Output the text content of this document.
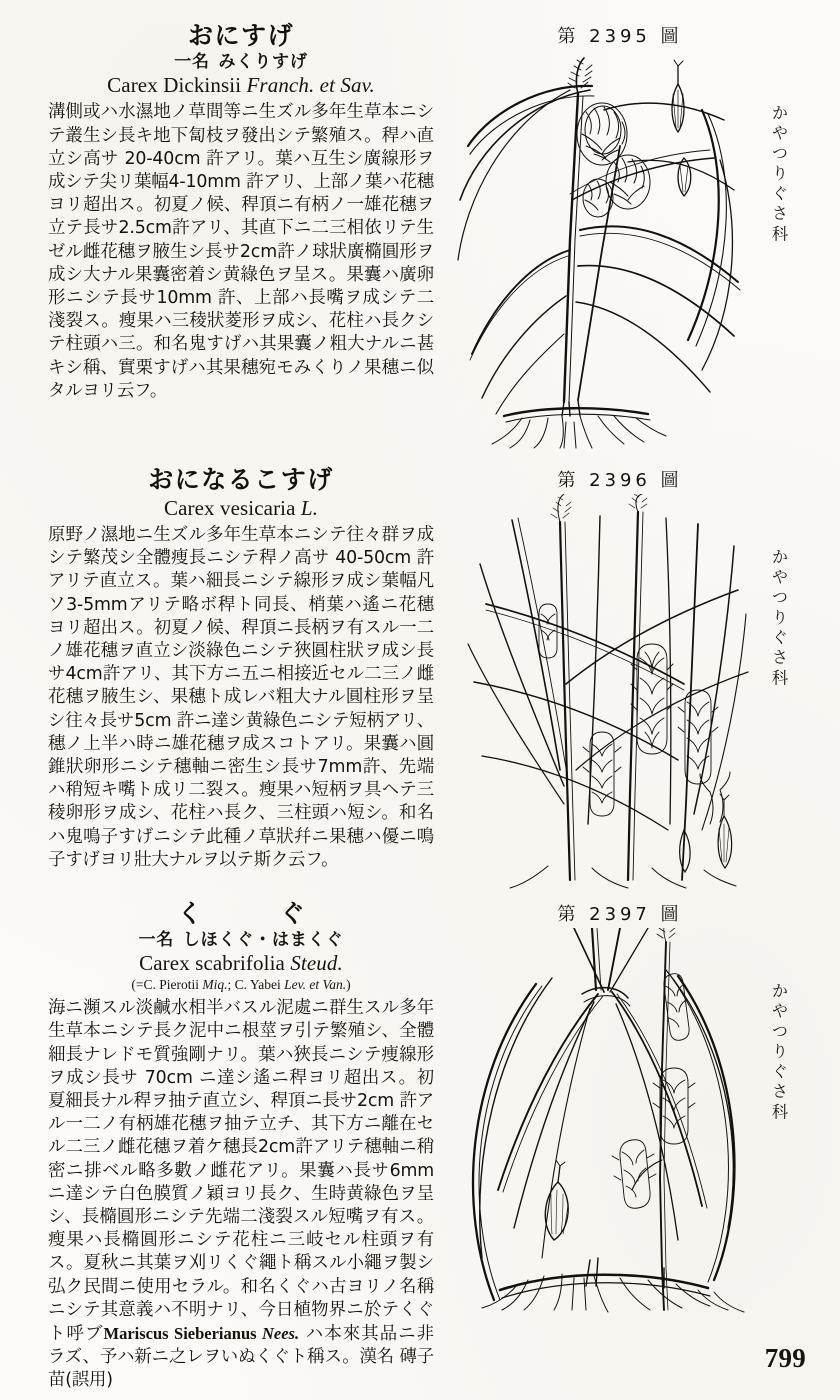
おにすげ
一名 みくりすげ
Carex Dickinsii Franch. et Sav.
溝側或ハ水濕地ノ草間等ニ生ズル多年生草本ニシテ叢生シ長キ地下匐枝ヲ發出シテ繁殖ス。稈ハ直立シ高サ 20-40cm 許アリ。葉ハ互生シ廣線形ヲ成シテ尖リ葉幅4-10mm 許アリ、上部ノ葉ハ花穗ヨリ超出ス。初夏ノ候、稈頂ニ有柄ノ一雄花穗ヲ立テ長サ2.5cm許アリ、其直下ニ二三相依リテ生ゼル雌花穗ヲ腋生シ長サ2cm許ノ球狀廣橢圓形ヲ成シ大ナル果囊密着シ黄綠色ヲ呈ス。果囊ハ廣卵形ニシテ長サ10mm 許、上部ハ長嘴ヲ成シテ二淺裂ス。瘦果ハ三稜狀菱形ヲ成シ、花柱ハ長クシテ柱頭ハ三。和名鬼すげハ其果囊ノ粗大ナルニ甚キシ稱、實栗すげハ其果穗宛モみくりノ果穗ニ似タルヨリ云フ。
第 2395 圖
かやつりぐさ科
おになるこすげ
Carex vesicaria L.
原野ノ濕地ニ生ズル多年生草本ニシテ往々群ヲ成シテ繁茂シ全體痩長ニシテ稈ノ高サ 40-50cm 許アリテ直立ス。葉ハ細長ニシテ線形ヲ成シ葉幅凡ソ3-5mmアリテ略ボ稈ト同長、梢葉ハ遙ニ花穗ヨリ超出ス。初夏ノ候、稈頂ニ長柄ヲ有スル一二ノ雄花穗ヲ直立シ淡綠色ニシテ狹圓柱狀ヲ成シ長サ4cm許アリ、其下方ニ五ニ相接近セル二三ノ雌花穗ヲ腋生シ、果穗ト成レバ粗大ナル圓柱形ヲ呈シ往々長サ5cm 許ニ達シ黄綠色ニシテ短柄アリ、穗ノ上半ハ時ニ雄花穗ヲ成スコトアリ。果囊ハ圓錐狀卵形ニシテ穗軸ニ密生シ長サ7mm許、先端ハ稍短キ嘴ト成リ二裂ス。瘦果ハ短柄ヲ具ヘテ三稜卵形ヲ成シ、花柱ハ長ク、三柱頭ハ短シ。和名ハ鬼鳴子すげニシテ此種ノ草狀幷ニ果穗ハ優ニ鳴子すげヨリ壯大ナルヲ以テ斯ク云フ。
第 2396 圖
かやつりぐさ科
く　ぐ
一名 しほくぐ・はまくぐ
Carex scabrifolia Steud.
(=C. Pierotii Miq.; C. Yabei Lev. et Van.)
海ニ瀕スル淡鹹水相半バスル泥處ニ群生スル多年生草本ニシテ長ク泥中ニ根莖ヲ引テ繁殖シ、全體細長ナレドモ質強剛ナリ。葉ハ狹長ニシテ痩線形ヲ成シ長サ 70cm ニ達シ遙ニ稈ヨリ超出ス。初夏細長ナル稈ヲ抽テ直立シ、稈頂ニ長サ2cm 許アル一二ノ有柄雄花穗ヲ抽テ立チ、其下方ニ離在セル二三ノ雌花穗ヲ着ケ穗長2cm許アリテ穗軸ニ稍密ニ排ベル略多數ノ雌花アリ。果囊ハ長サ6mmニ達シテ白色膜質ノ穎ヨリ長ク、生時黄綠色ヲ呈シ、長橢圓形ニシテ先端二淺裂スル短嘴ヲ有ス。瘦果ハ長橢圓形ニシテ花柱ニ三岐セル柱頭ヲ有ス。夏秋ニ其葉ヲ刈リくぐ繩ト稱スル小繩ヲ製シ弘ク民間ニ使用セラル。和名くぐハ古ヨリノ名稱ニシテ其意義ハ不明ナリ、今日植物界ニ於テくぐト呼ブMariscus Sieberianus Nees. ハ本來其品ニ非ラズ、予ハ新ニ之レヲいぬくぐト稱ス。漢名 磚子苗(誤用)
第 2397 圖
かやつりぐさ科
799
